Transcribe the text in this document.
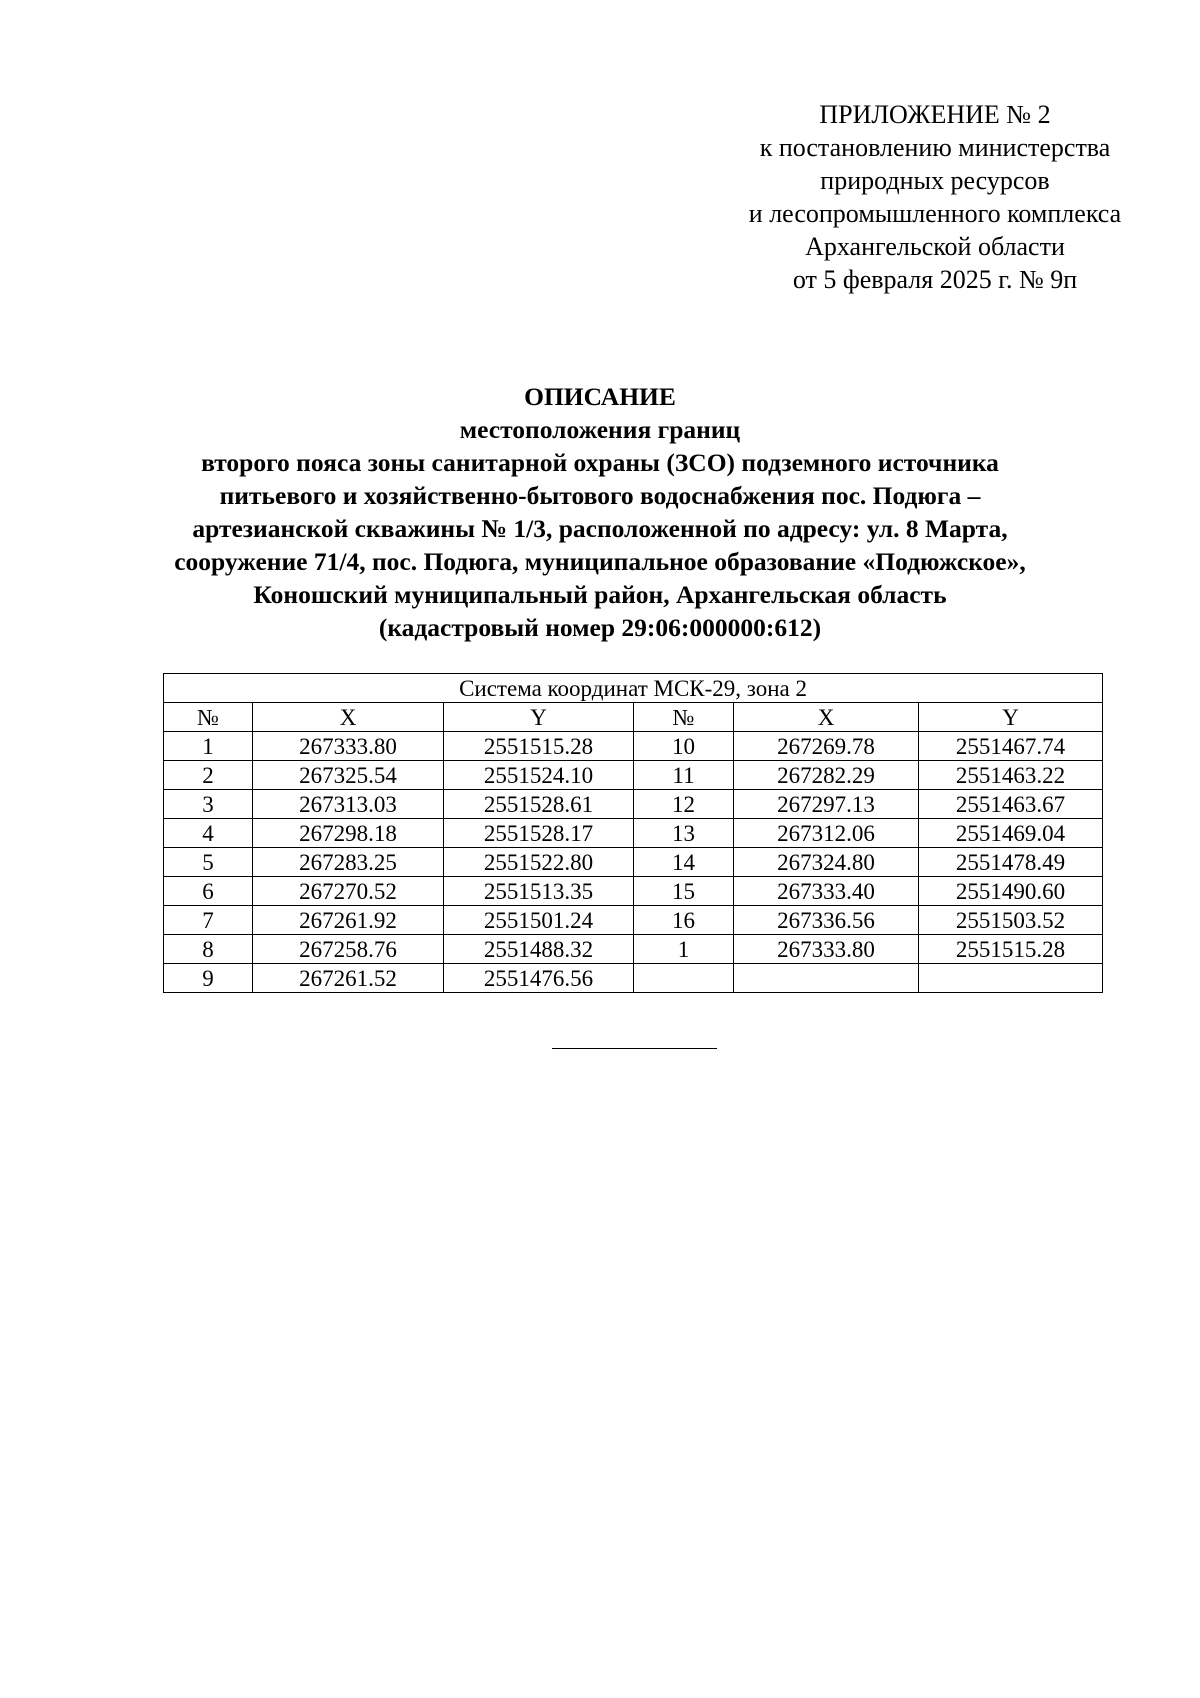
ПРИЛОЖЕНИЕ № 2
к постановлению министерства
природных ресурсов
и лесопромышленного комплекса
Архангельской области
от 5 февраля 2025 г. № 9п
ОПИСАНИЕ
местоположения границ
второго пояса зоны санитарной охраны (ЗСО) подземного источника
питьевого и хозяйственно-бытового водоснабжения пос. Подюга –
артезианской скважины № 1/3, расположенной по адресу: ул. 8 Марта,
сооружение 71/4, пос. Подюга, муниципальное образование «Подюжское»,
Коношский муниципальный район, Архангельская область
(кадастровый номер 29:06:000000:612)
Система координат МСК-29, зона 2					
№	X	Y	№	X	Y
1	267333.80	2551515.28	10	267269.78	2551467.74
2	267325.54	2551524.10	11	267282.29	2551463.22
3	267313.03	2551528.61	12	267297.13	2551463.67
4	267298.18	2551528.17	13	267312.06	2551469.04
5	267283.25	2551522.80	14	267324.80	2551478.49
6	267270.52	2551513.35	15	267333.40	2551490.60
7	267261.92	2551501.24	16	267336.56	2551503.52
8	267258.76	2551488.32	1	267333.80	2551515.28
9	267261.52	2551476.56			
